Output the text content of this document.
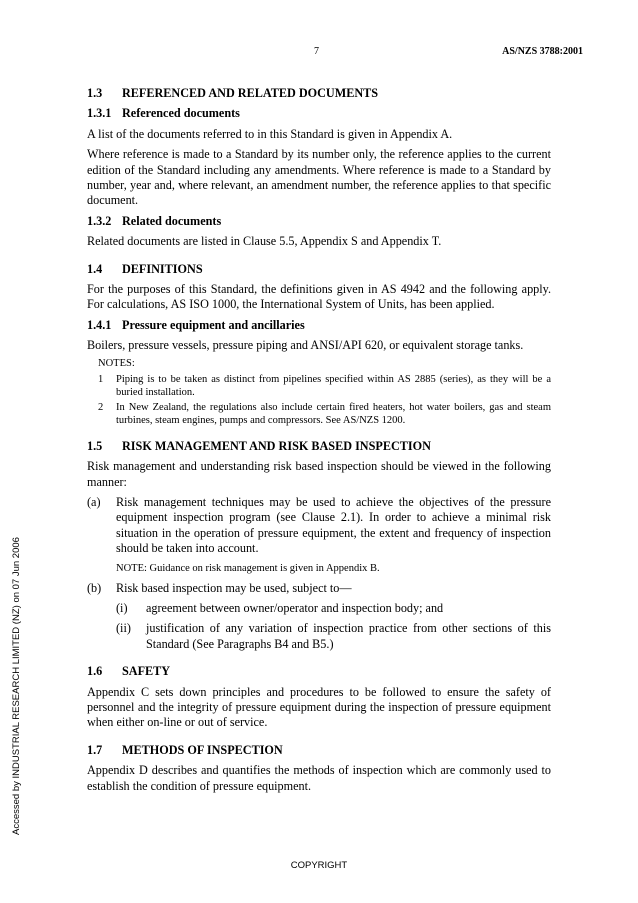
7	AS/NZS 3788:2001
1.3 REFERENCED AND RELATED DOCUMENTS
1.3.1 Referenced documents

A list of the documents referred to in this Standard is given in Appendix A.

Where reference is made to a Standard by its number only, the reference applies to the current edition of the Standard including any amendments. Where reference is made to a Standard by number, year and, where relevant, an amendment number, the reference applies to that specific document.

1.3.2 Related documents

Related documents are listed in Clause 5.5, Appendix S and Appendix T.

1.4 DEFINITIONS

For the purposes of this Standard, the definitions given in AS 4942 and the following apply. For calculations, AS ISO 1000, the International System of Units, has been applied.

1.4.1 Pressure equipment and ancillaries

Boilers, pressure vessels, pressure piping and ANSI/API 620, or equivalent storage tanks.

NOTES:
1	Piping is to be taken as distinct from pipelines specified within AS 2885 (series), as they will be a buried installation.
2	In New Zealand, the regulations also include certain fired heaters, hot water boilers, gas and steam turbines, steam engines, pumps and compressors. See AS/NZS 1200.
1.5 RISK MANAGEMENT AND RISK BASED INSPECTION

Risk management and understanding risk based inspection should be viewed in the following manner:

(a)	Risk management techniques may be used to achieve the objectives of the pressure equipment inspection program (see Clause 2.1). In order to achieve a minimal risk situation in the operation of pressure equipment, the extent and frequency of inspection should be taken into account.
NOTE: Guidance on risk management is given in Appendix B.
(b)	Risk based inspection may be used, subject to—
(i)	agreement between owner/operator and inspection body; and
(ii)	justification of any variation of inspection practice from other sections of this Standard (See Paragraphs B4 and B5.)
1.6 SAFETY

Appendix C sets down principles and procedures to be followed to ensure the safety of personnel and the integrity of pressure equipment during the inspection of pressure equipment when either on-line or out of service.

1.7 METHODS OF INSPECTION

Appendix D describes and quantifies the methods of inspection which are commonly used to establish the condition of pressure equipment.

Accessed by INDUSTRIAL RESEARCH LIMITED (NZ) on 07 Jun 2006
COPYRIGHT
